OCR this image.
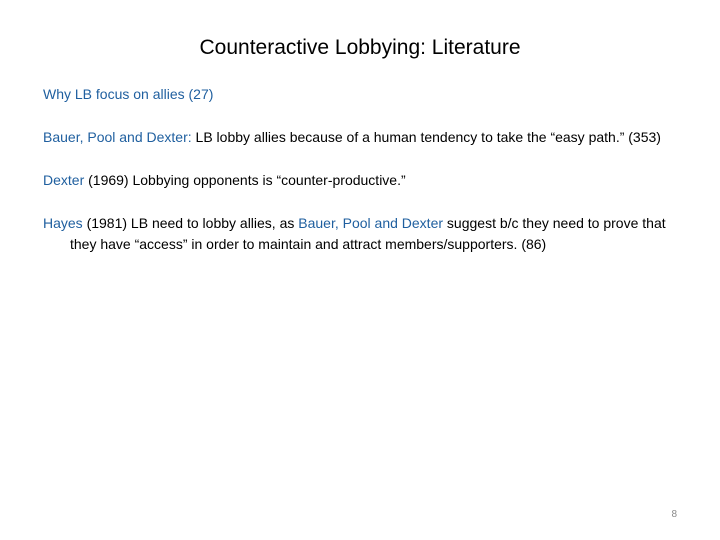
Counteractive Lobbying: Literature

Why LB focus on allies (27)

Bauer, Pool and Dexter: LB lobby allies because of a human tendency to take the “easy path.” (353)

Dexter (1969) Lobbying opponents is “counter-productive.”

Hayes (1981) LB need to lobby allies, as Bauer, Pool and Dexter suggest b/c they need to prove that they have “access” in order to maintain and attract members/supporters. (86)

8
